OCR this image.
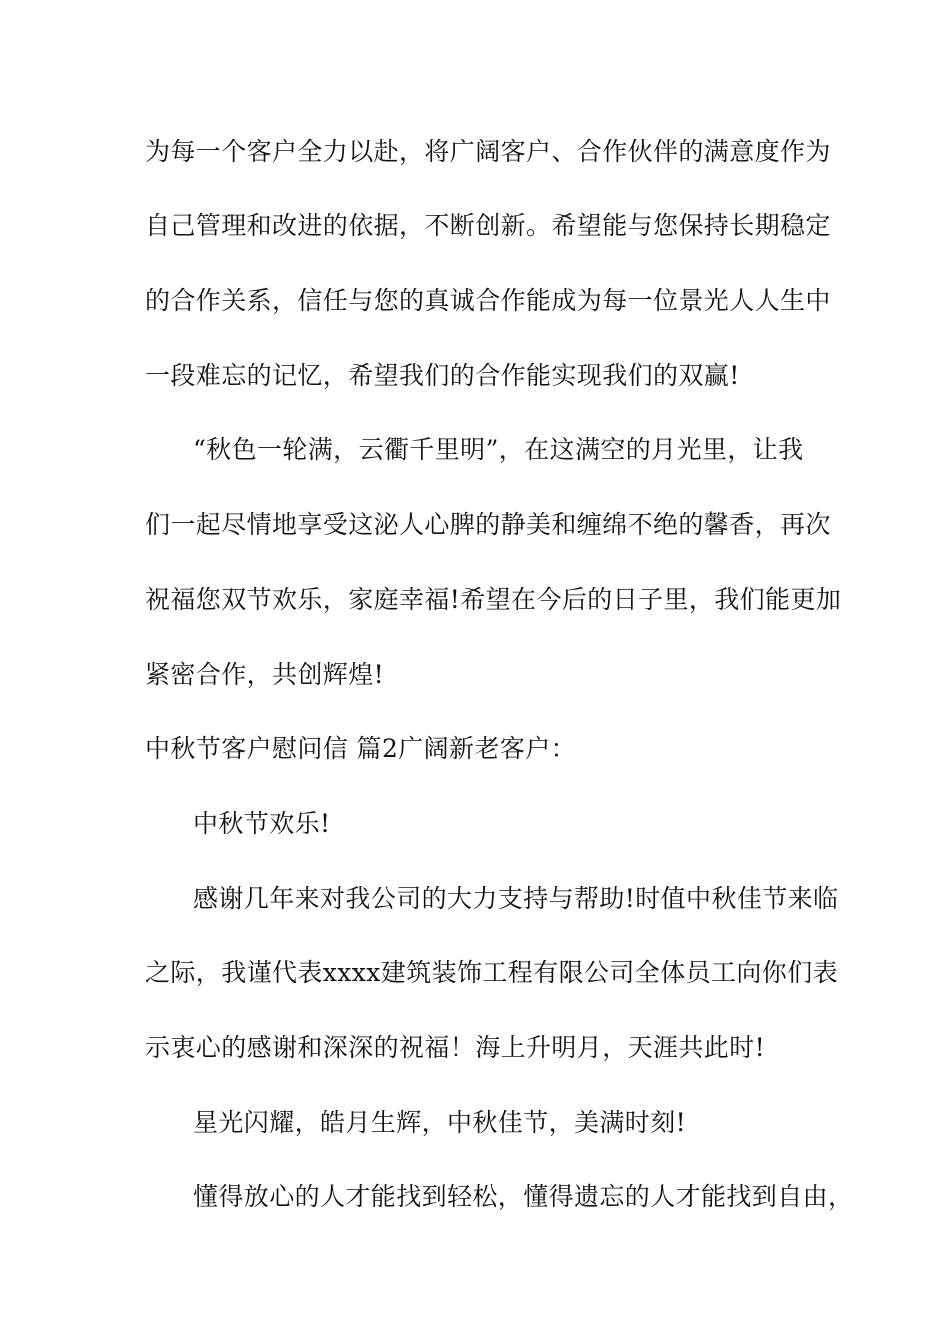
为每一个客户全力以赴，将广阔客户、合作伙伴的满意度作为
自己管理和改进的依据，不断创新。希望能与您保持长期稳定
的合作关系，信任与您的真诚合作能成为每一位景光人人生中
一段难忘的记忆，希望我们的合作能实现我们的双赢!
“秋色一轮满，云衢千里明”，在这满空的月光里，让我
们一起尽情地享受这泌人心脾的静美和缠绵不绝的馨香，再次
祝福您双节欢乐，家庭幸福!希望在今后的日子里，我们能更加
紧密合作，共创辉煌!
中秋节客户慰问信 篇2广阔新老客户：
中秋节欢乐!
感谢几年来对我公司的大力支持与帮助!时值中秋佳节来临
之际，我谨代表xxxx建筑装饰工程有限公司全体员工向你们表
示衷心的感谢和深深的祝福！海上升明月，天涯共此时!
星光闪耀，皓月生辉，中秋佳节，美满时刻!
懂得放心的人才能找到轻松，懂得遗忘的人才能找到自由，
